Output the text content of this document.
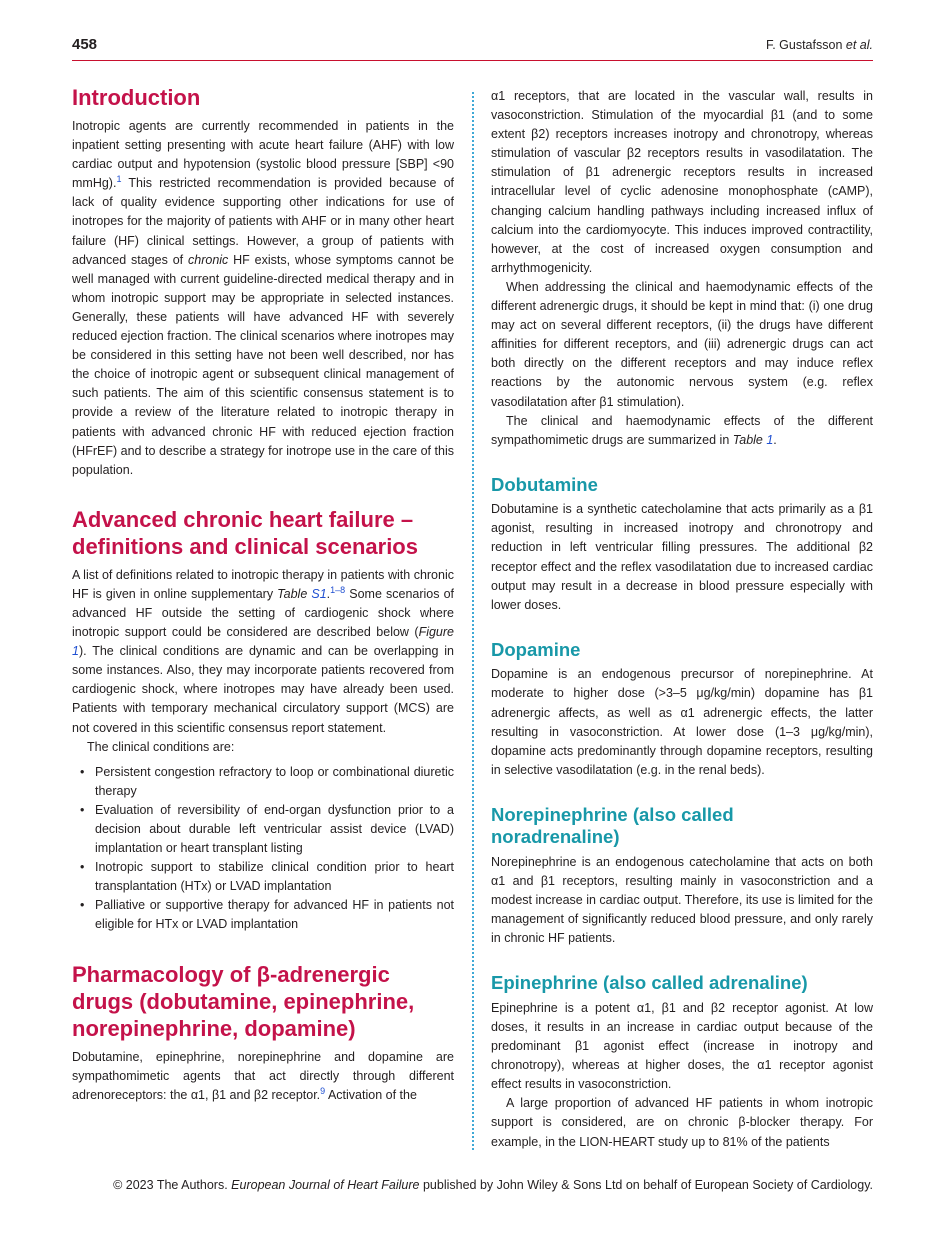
458	F. Gustafsson et al.
Introduction

Inotropic agents are currently recommended in patients in the inpatient setting presenting with acute heart failure (AHF) with low cardiac output and hypotension (systolic blood pressure [SBP] <90 mmHg).$^1$ This restricted recommendation is provided because of lack of quality evidence supporting other indications for use of inotropes for the majority of patients with AHF or in many other heart failure (HF) clinical settings. However, a group of patients with advanced stages of chronic HF exists, whose symptoms cannot be well managed with current guideline-directed medical therapy and in whom inotropic support may be appropriate in selected instances. Generally, these patients will have advanced HF with severely reduced ejection fraction. The clinical scenarios where inotropes may be considered in this setting have not been well described, nor has the choice of inotropic agent or subsequent clinical management of such patients. The aim of this scientific consensus statement is to provide a review of the literature related to inotropic therapy in patients with advanced chronic HF with reduced ejection fraction (HFrEF) and to describe a strategy for inotrope use in the care of this population.

Advanced chronic heart failure – definitions and clinical scenarios

A list of definitions related to inotropic therapy in patients with chronic HF is given in online supplementary Table S1.$^{1-8}$ Some scenarios of advanced HF outside the setting of cardiogenic shock where inotropic support could be considered are described below (Figure 1). The clinical conditions are dynamic and can be overlapping in some instances. Also, they may incorporate patients recovered from cardiogenic shock, where inotropes may have already been used. Patients with temporary mechanical circulatory support (MCS) are not covered in this scientific consensus report statement.

The clinical conditions are:

• Persistent congestion refractory to loop or combinational diuretic therapy
• Evaluation of reversibility of end-organ dysfunction prior to a decision about durable left ventricular assist device (LVAD) implantation or heart transplant listing
• Inotropic support to stabilize clinical condition prior to heart transplantation (HTx) or LVAD implantation
• Palliative or supportive therapy for advanced HF in patients not eligible for HTx or LVAD implantation
Pharmacology of β-adrenergic drugs (dobutamine, epinephrine, norepinephrine, dopamine)

Dobutamine, epinephrine, norepinephrine and dopamine are sympathomimetic agents that act directly through different adrenoreceptors: the α1, β1 and β2 receptor.$^9$ Activation of the

α1 receptors, that are located in the vascular wall, results in vasoconstriction. Stimulation of the myocardial β1 (and to some extent β2) receptors increases inotropy and chronotropy, whereas stimulation of vascular β2 receptors results in vasodilatation. The stimulation of β1 adrenergic receptors results in increased intracellular level of cyclic adenosine monophosphate (cAMP), changing calcium handling pathways including increased influx of calcium into the cardiomyocyte. This induces improved contractility, however, at the cost of increased oxygen consumption and arrhythmogenicity.

When addressing the clinical and haemodynamic effects of the different adrenergic drugs, it should be kept in mind that: (i) one drug may act on several different receptors, (ii) the drugs have different affinities for different receptors, and (iii) adrenergic drugs can act both directly on the different receptors and may induce reflex reactions by the autonomic nervous system (e.g. reflex vasodilatation after β1 stimulation).

The clinical and haemodynamic effects of the different sympathomimetic drugs are summarized in Table 1.

Dobutamine

Dobutamine is a synthetic catecholamine that acts primarily as a β1 agonist, resulting in increased inotropy and chronotropy and reduction in left ventricular filling pressures. The additional β2 receptor effect and the reflex vasodilatation due to increased cardiac output may result in a decrease in blood pressure especially with lower doses.

Dopamine

Dopamine is an endogenous precursor of norepinephrine. At moderate to higher dose (>3–5 μg/kg/min) dopamine has β1 adrenergic affects, as well as α1 adrenergic effects, the latter resulting in vasoconstriction. At lower dose (1–3 μg/kg/min), dopamine acts predominantly through dopamine receptors, resulting in selective vasodilatation (e.g. in the renal beds).

Norepinephrine (also called noradrenaline)

Norepinephrine is an endogenous catecholamine that acts on both α1 and β1 receptors, resulting mainly in vasoconstriction and a modest increase in cardiac output. Therefore, its use is limited for the management of significantly reduced blood pressure, and only rarely in chronic HF patients.

Epinephrine (also called adrenaline)

Epinephrine is a potent α1, β1 and β2 receptor agonist. At low doses, it results in an increase in cardiac output because of the predominant β1 agonist effect (increase in inotropy and chronotropy), whereas at higher doses, the α1 receptor agonist effect results in vasoconstriction.

A large proportion of advanced HF patients in whom inotropic support is considered, are on chronic β-blocker therapy. For example, in the LION-HEART study up to 81% of the patients

© 2023 The Authors. European Journal of Heart Failure published by John Wiley & Sons Ltd on behalf of European Society of Cardiology.
